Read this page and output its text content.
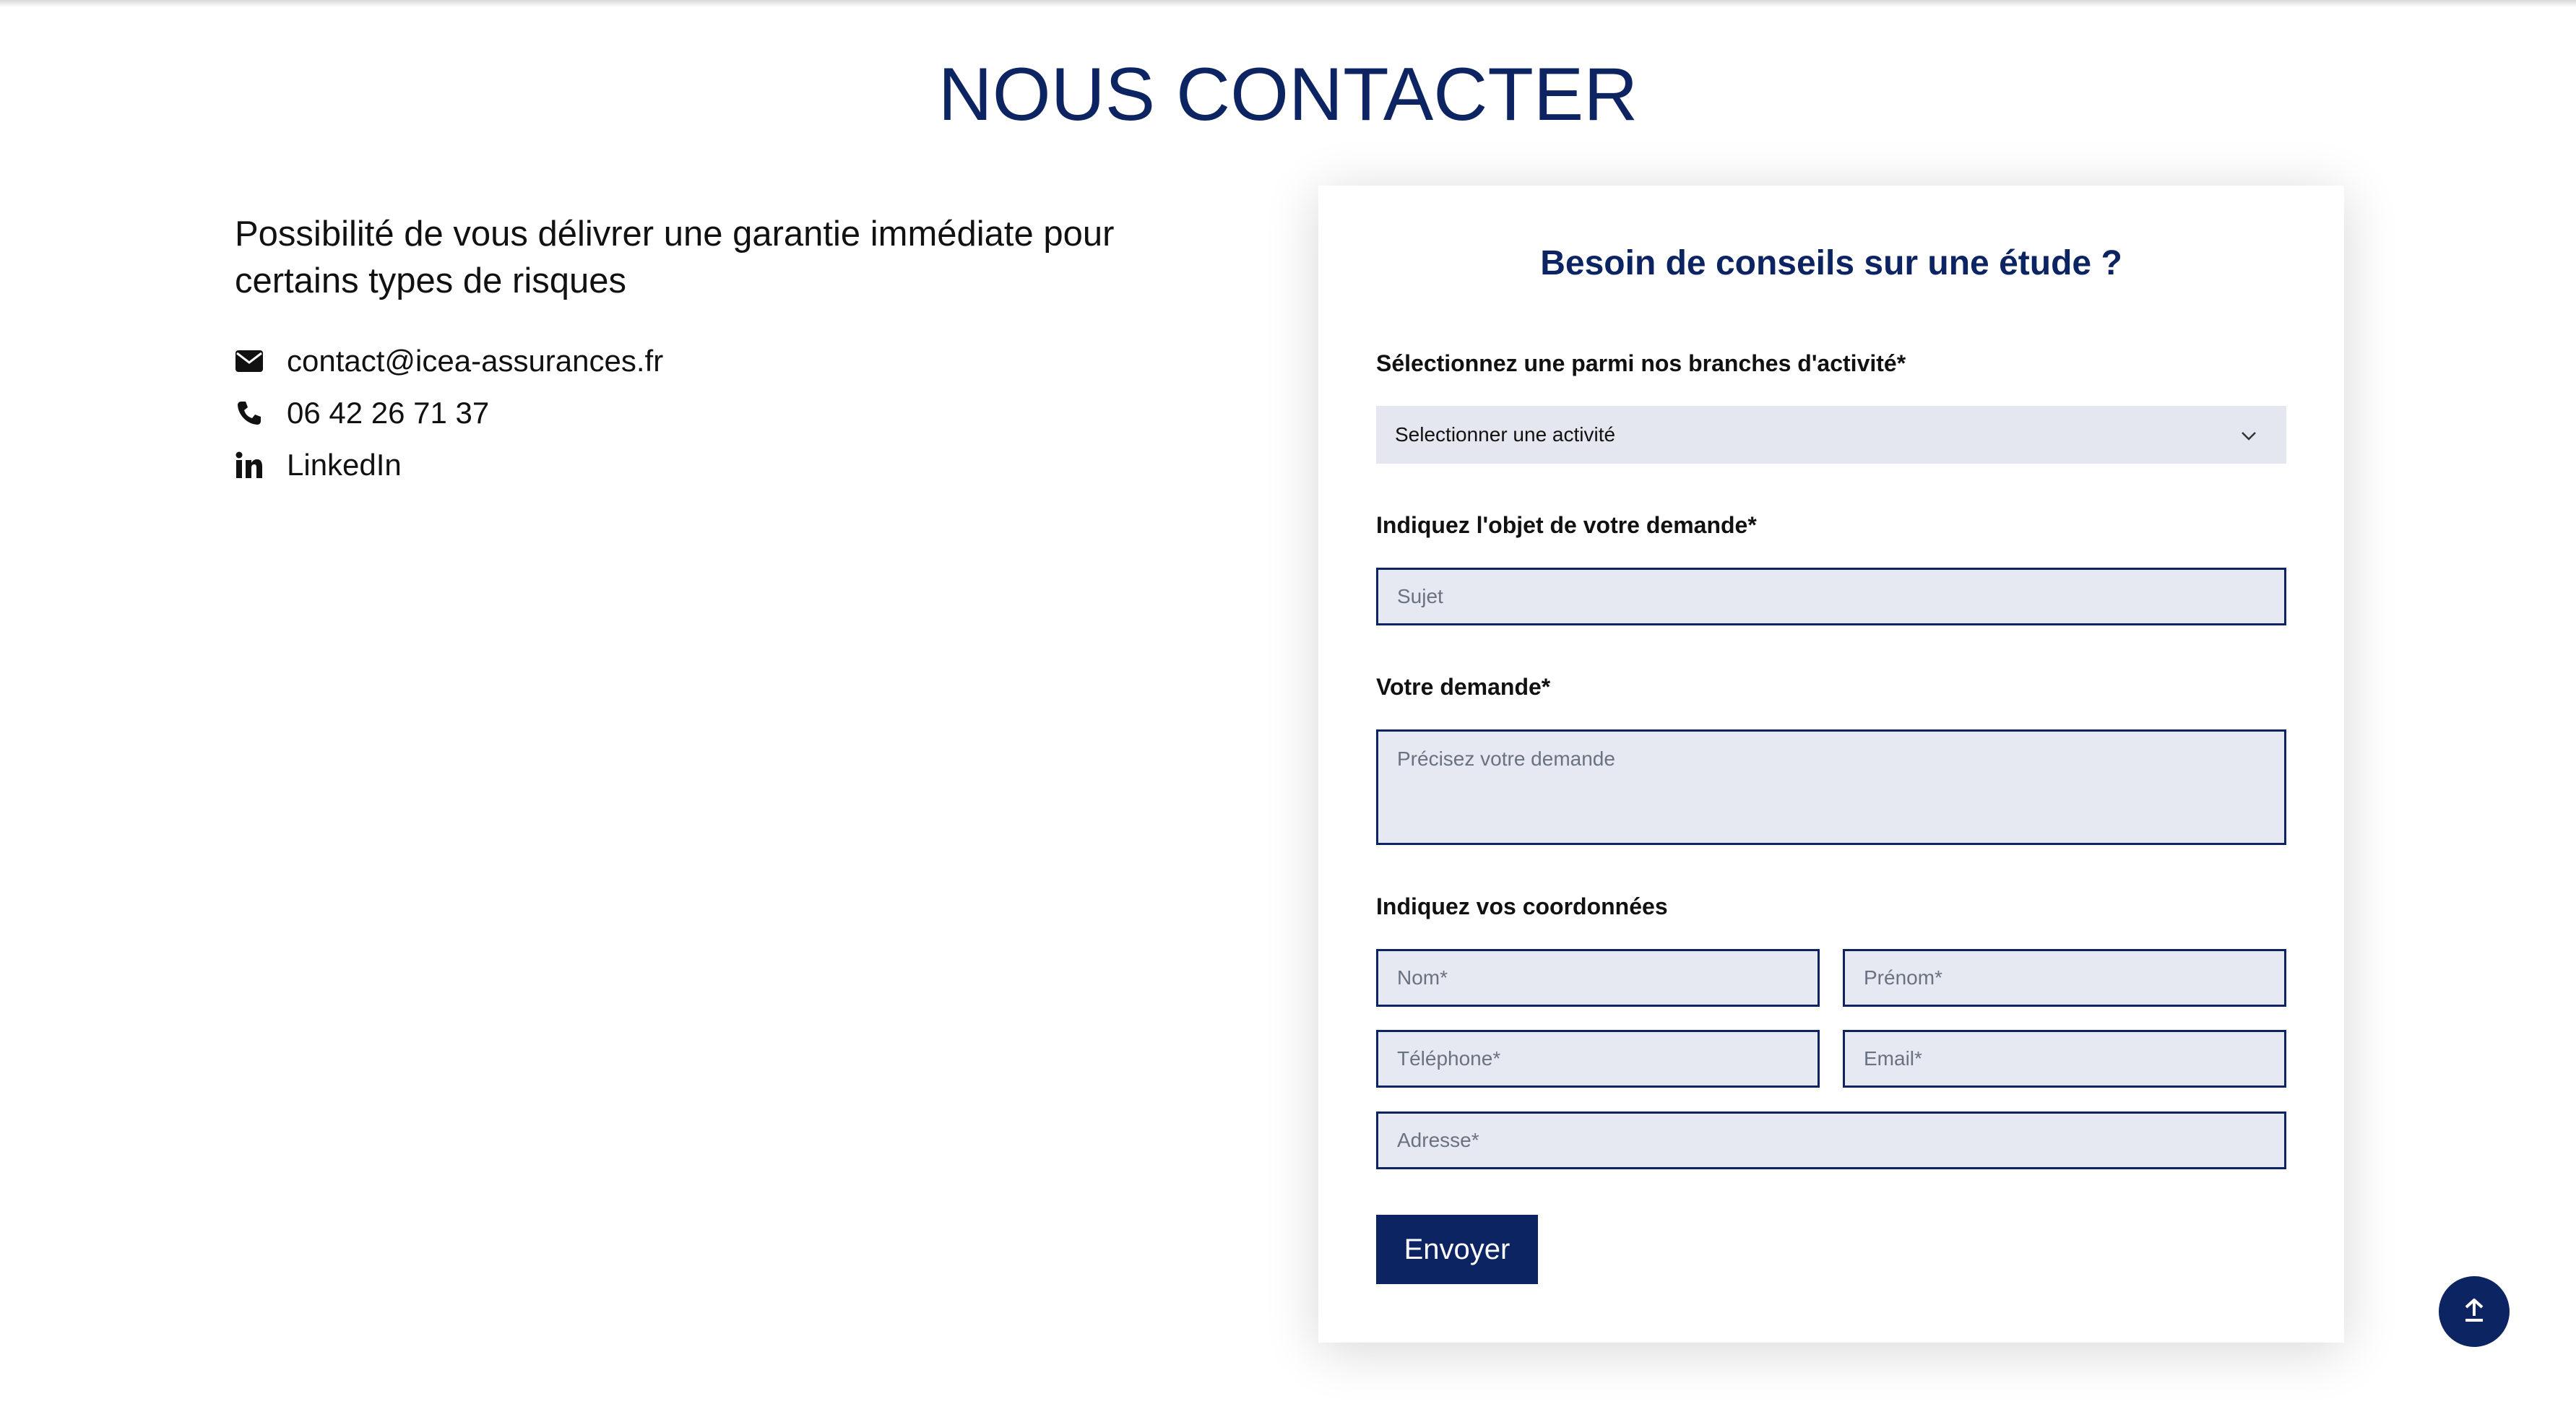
NOUS CONTACTER
Possibilité de vous délivrer une garantie immédiate pour certains types de risques
contact@icea-assurances.fr
06 42 26 71 37
LinkedIn
Besoin de conseils sur une étude ?
Sélectionnez une parmi nos branches d'activité*
Selectionner une activité
Indiquez l'objet de votre demande*
Sujet
Votre demande*
Précisez votre demande
Indiquez vos coordonnées
Nom*
Prénom*
Téléphone*
Email*
Adresse*
Envoyer
